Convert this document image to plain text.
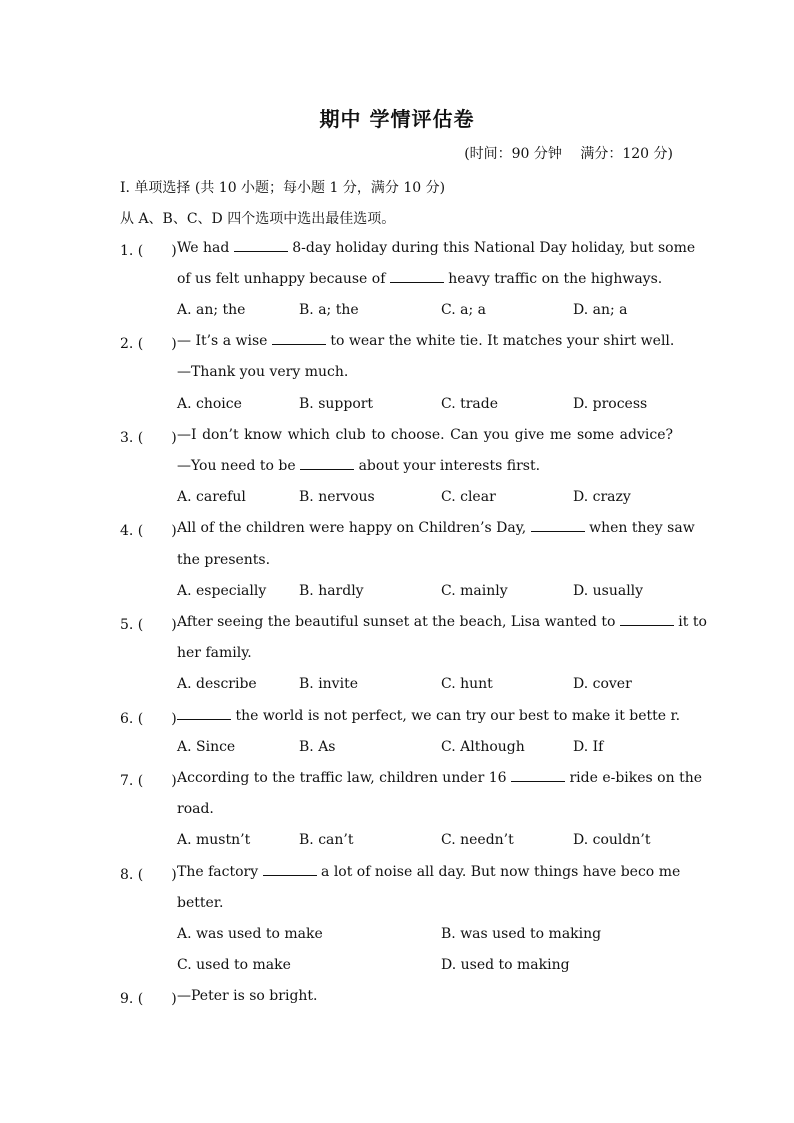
期中 学情评估卷
(时间：90 分钟　 满分：120 分)
I. 单项选择 (共 10 小题；每小题 1 分，满分 10 分)
从 A、B、C、D 四个选项中选出最佳选项。
1. (　　) We had	8-day holiday during this National Day holiday, but some
of us felt unhappy because of	heavy traffic on the highways.
A. an; the	B. a; the	C. a; a	D. an; a
2. (　　) — It’s a wise	to wear the white tie. It matches your shirt well.
—Thank you very much.
A. choice	B. support	C. trade	D. process
3. (　　) —I don’t know which club to choose. Can you give me some advice?
—You need to be	about your interests first.
A. careful	B. nervous	C. clear	D. crazy
4. (　　) All of the children were happy on Children’s Day,	when they saw
the presents.
A. especially B. hardly	C. mainly	D. usually
5. (　　) After seeing the beautiful sunset at the beach, Lisa wanted to	it to
her family.
A. describe	B. invite	C. hunt	D. cover
6. (　　)	the world is not perfect, we can try our best to make it bette r.
A. Since	B. As	C. Although	D. If
7. (　　) According to the traffic law, children under 16	ride e-bikes on the
road.
A. mustn’t	B. can’t	C. needn’t	D. couldn’t
8. (　　) The factory	a lot of noise all day. But now things have beco me
better.
A. was used to make	B. was used to making
C. used to make	D. used to making
9. (　　) —Peter is so bright.
